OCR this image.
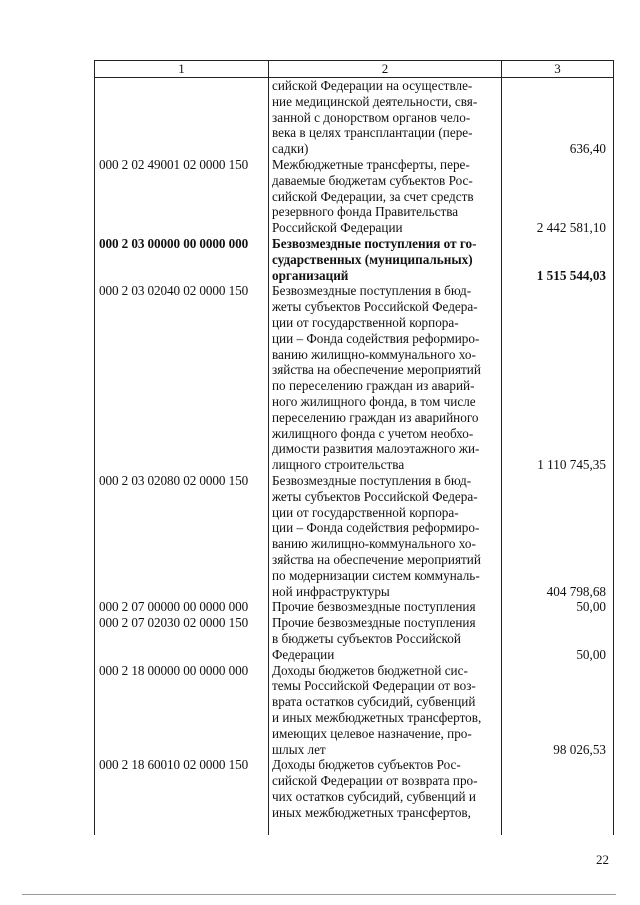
1	2	3
сийской Федерации на осуществле-
ние медицинской деятельности, свя-
занной с донорством органов чело-
века в целях трансплантации (пере-
садки)	636,40
000 2 02 49001 02 0000 150	Межбюджетные трансферты, пере-
даваемые бюджетам субъектов Рос-
сийской Федерации, за счет средств
резервного фонда Правительства
Российской Федерации	2 442 581,10
000 2 03 00000 00 0000 000	Безвозмездные поступления от го-
сударственных (муниципальных)
организаций	1 515 544,03
000 2 03 02040 02 0000 150	Безвозмездные поступления в бюд-
жеты субъектов Российской Федера-
ции от государственной корпора-
ции – Фонда содействия реформиро-
ванию жилищно-коммунального хо-
зяйства на обеспечение мероприятий
по переселению граждан из аварий-
ного жилищного фонда, в том числе
переселению граждан из аварийного
жилищного фонда с учетом необхо-
димости развития малоэтажного жи-
лищного строительства	1 110 745,35
000 2 03 02080 02 0000 150	Безвозмездные поступления в бюд-
жеты субъектов Российской Федера-
ции от государственной корпора-
ции – Фонда содействия реформиро-
ванию жилищно-коммунального хо-
зяйства на обеспечение мероприятий
по модернизации систем коммуналь-
ной инфраструктуры	404 798,68
000 2 07 00000 00 0000 000	Прочие безвозмездные поступления	50,00
000 2 07 02030 02 0000 150	Прочие безвозмездные поступления
в бюджеты субъектов Российской
Федерации	50,00
000 2 18 00000 00 0000 000	Доходы бюджетов бюджетной сис-
темы Российской Федерации от воз-
врата остатков субсидий, субвенций
и иных межбюджетных трансфертов,
имеющих целевое назначение, про-
шлых лет	98 026,53
000 2 18 60010 02 0000 150	Доходы бюджетов субъектов Рос-
сийской Федерации от возврата про-
чих остатков субсидий, субвенций и
иных межбюджетных трансфертов,
22
